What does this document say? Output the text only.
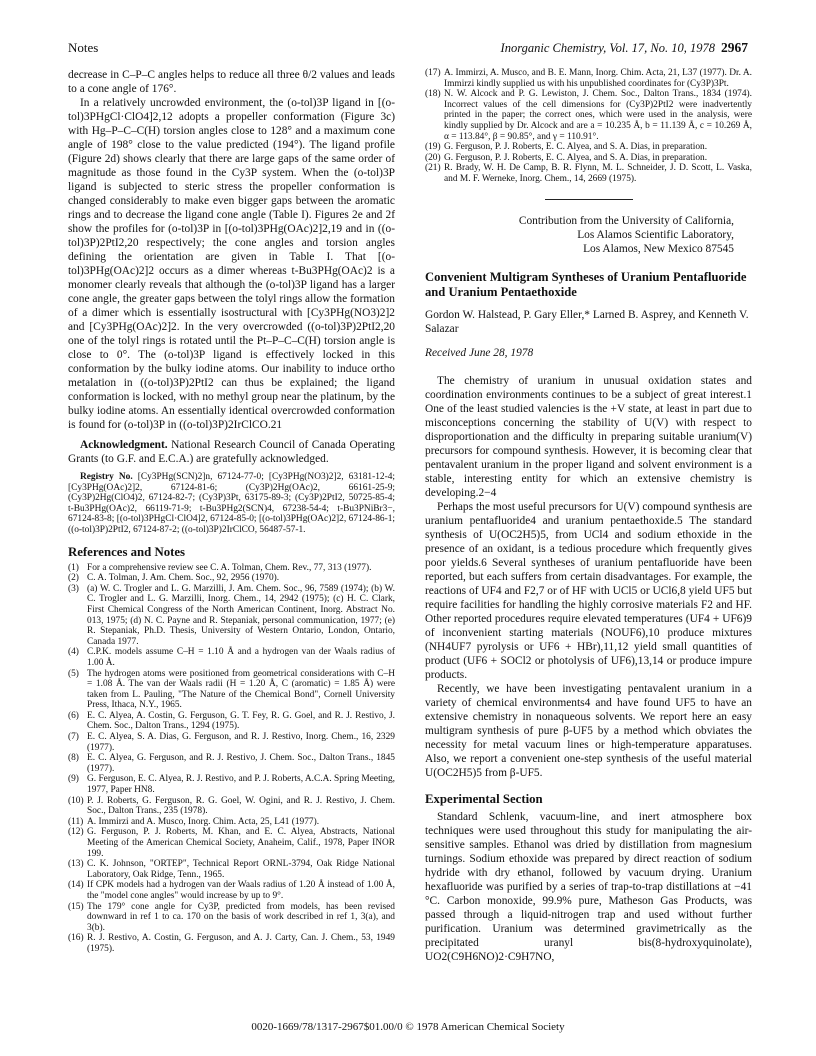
Notes	Inorganic Chemistry, Vol. 17, No. 10, 1978 2967

decrease in C–P–C angles helps to reduce all three θ/2 values and leads to a cone angle of 176°.

In a relatively uncrowded environment, the (o-tol)3P ligand in [(o-tol)3PHgCl·ClO4]2,12 adopts a propeller conformation (Figure 3c) with Hg–P–C–C(H) torsion angles close to 128° and a maximum cone angle of 198° close to the value predicted (194°). The ligand profile (Figure 2d) shows clearly that there are large gaps of the same order of magnitude as those found in the Cy3P system. When the (o-tol)3P ligand is subjected to steric stress the propeller conformation is changed considerably to make even bigger gaps between the aromatic rings and to decrease the ligand cone angle (Table I). Figures 2e and 2f show the profiles for (o-tol)3P in [(o-tol)3PHg(OAc)2]2,19 and in ((o-tol)3P)2PtI2,20 respectively; the cone angles and torsion angles defining the orientation are given in Table I. That [(o-tol)3PHg(OAc)2]2 occurs as a dimer whereas t-Bu3PHg(OAc)2 is a monomer clearly reveals that although the (o-tol)3P ligand has a larger cone angle, the greater gaps between the tolyl rings allow the formation of a dimer which is essentially isostructural with [Cy3PHg(NO3)2]2 and [Cy3PHg(OAc)2]2. In the very overcrowded ((o-tol)3P)2PtI2,20 one of the tolyl rings is rotated until the Pt–P–C–C(H) torsion angle is close to 0°. The (o-tol)3P ligand is effectively locked in this conformation by the bulky iodine atoms. Our inability to induce ortho metalation in ((o-tol)3P)2PtI2 can thus be explained; the ligand conformation is locked, with no methyl group near the platinum, by the bulky iodine atoms. An essentially identical overcrowded conformation is found for (o-tol)3P in ((o-tol)3P)2IrClCO.21

Acknowledgment. National Research Council of Canada Operating Grants (to G.F. and E.C.A.) are gratefully acknowledged.

Registry No. [Cy3PHg(SCN)2]n, 67124-77-0; [Cy3PHg(NO3)2]2, 63181-12-4; [Cy3PHg(OAc)2]2, 67124-81-6; (Cy3P)2Hg(OAc)2, 66161-25-9; (Cy3P)2Hg(ClO4)2, 67124-82-7; (Cy3P)3Pt, 63175-89-3; (Cy3P)2PtI2, 50725-85-4; t-Bu3PHg(OAc)2, 66119-71-9; t-Bu3PHg2(SCN)4, 67238-54-4; t-Bu3PNiBr3−, 67124-83-8; [(o-tol)3PHgCl·ClO4]2, 67124-85-0; [(o-tol)3PHg(OAc)2]2, 67124-86-1; ((o-tol)3P)2PtI2, 67124-87-2; ((o-tol)3P)2IrClCO, 56487-57-1.

References and Notes
(1) For a comprehensive review see C. A. Tolman, Chem. Rev., 77, 313 (1977).
(2) C. A. Tolman, J. Am. Chem. Soc., 92, 2956 (1970).
(3) (a) W. C. Trogler and L. G. Marzilli, J. Am. Chem. Soc., 96, 7589 (1974); (b) W. C. Trogler and L. G. Marzilli, Inorg. Chem., 14, 2942 (1975); (c) H. C. Clark, First Chemical Congress of the North American Continent, Inorg. Abstract No. 013, 1975; (d) N. C. Payne and R. Stepaniak, personal communication, 1977; (e) R. Stepaniak, Ph.D. Thesis, University of Western Ontario, London, Ontario, Canada 1977.
(4) C.P.K. models assume C–H = 1.10 Å and a hydrogen van der Waals radius of 1.00 Å.
(5) The hydrogen atoms were positioned from geometrical considerations with C–H = 1.08 Å. The van der Waals radii (H = 1.20 Å, C (aromatic) = 1.85 Å) were taken from L. Pauling, "The Nature of the Chemical Bond", Cornell University Press, Ithaca, N.Y., 1965.
(6) E. C. Alyea, A. Costin, G. Ferguson, G. T. Fey, R. G. Goel, and R. J. Restivo, J. Chem. Soc., Dalton Trans., 1294 (1975).
(7) E. C. Alyea, S. A. Dias, G. Ferguson, and R. J. Restivo, Inorg. Chem., 16, 2329 (1977).
(8) E. C. Alyea, G. Ferguson, and R. J. Restivo, J. Chem. Soc., Dalton Trans., 1845 (1977).
(9) G. Ferguson, E. C. Alyea, R. J. Restivo, and P. J. Roberts, A.C.A. Spring Meeting, 1977, Paper HN8.
(10) P. J. Roberts, G. Ferguson, R. G. Goel, W. Ogini, and R. J. Restivo, J. Chem. Soc., Dalton Trans., 235 (1978).
(11) A. Immirzi and A. Musco, Inorg. Chim. Acta, 25, L41 (1977).
(12) G. Ferguson, P. J. Roberts, M. Khan, and E. C. Alyea, Abstracts, National Meeting of the American Chemical Society, Anaheim, Calif., 1978, Paper INOR 199.
(13) C. K. Johnson, "ORTEP", Technical Report ORNL-3794, Oak Ridge National Laboratory, Oak Ridge, Tenn., 1965.
(14) If CPK models had a hydrogen van der Waals radius of 1.20 Å instead of 1.00 Å, the "model cone angles" would increase by up to 9°.
(15) The 179° cone angle for Cy3P, predicted from models, has been revised downward in ref 1 to ca. 170 on the basis of work described in ref 1, 3(a), and 3(b).
(16) R. J. Restivo, A. Costin, G. Ferguson, and A. J. Carty, Can. J. Chem., 53, 1949 (1975).
(17) A. Immirzi, A. Musco, and B. E. Mann, Inorg. Chim. Acta, 21, L37 (1977). Dr. A. Immirzi kindly supplied us with his unpublished coordinates for (Cy3P)3Pt.
(18) N. W. Alcock and P. G. Lewiston, J. Chem. Soc., Dalton Trans., 1834 (1974). Incorrect values of the cell dimensions for (Cy3P)2PtI2 were inadvertently printed in the paper; the correct ones, which were used in the analysis, were kindly supplied by Dr. Alcock and are a = 10.235 Å, b = 11.139 Å, c = 10.269 Å, α = 113.84°, β = 90.85°, and γ = 110.91°.
(19) G. Ferguson, P. J. Roberts, E. C. Alyea, and S. A. Dias, in preparation.
(20) G. Ferguson, P. J. Roberts, E. C. Alyea, and S. A. Dias, in preparation.
(21) R. Brady, W. H. De Camp, B. R. Flynn, M. L. Schneider, J. D. Scott, L. Vaska, and M. F. Werneke, Inorg. Chem., 14, 2669 (1975).
Contribution from the University of California,
Los Alamos Scientific Laboratory,
Los Alamos, New Mexico 87545
Convenient Multigram Syntheses of Uranium Pentafluoride and Uranium Pentaethoxide

Gordon W. Halstead, P. Gary Eller,* Larned B. Asprey, and Kenneth V. Salazar

Received June 28, 1978

The chemistry of uranium in unusual oxidation states and coordination environments continues to be a subject of great interest.1 One of the least studied valencies is the +V state, at least in part due to misconceptions concerning the stability of U(V) with respect to disproportionation and the difficulty in preparing suitable uranium(V) precursors for compound synthesis. However, it is becoming clear that pentavalent uranium in the proper ligand and solvent environment is a stable, interesting entity for which an extensive chemistry is developing.2−4

Perhaps the most useful precursors for U(V) compound synthesis are uranium pentafluoride4 and uranium pentaethoxide.5 The standard synthesis of U(OC2H5)5, from UCl4 and sodium ethoxide in the presence of an oxidant, is a tedious procedure which frequently gives poor yields.6 Several syntheses of uranium pentafluoride have been reported, but each suffers from certain disadvantages. For example, the reactions of UF4 and F2,7 or of HF with UCl5 or UCl6,8 yield UF5 but require facilities for handling the highly corrosive materials F2 and HF. Other reported procedures require elevated temperatures (UF4 + UF6)9 of inconvenient starting materials (NOUF6),10 produce mixtures (NH4UF7 pyrolysis or UF6 + HBr),11,12 yield small quantities of product (UF6 + SOCl2 or photolysis of UF6),13,14 or produce impure products.

Recently, we have been investigating pentavalent uranium in a variety of chemical environments4 and have found UF5 to have an extensive chemistry in nonaqueous solvents. We report here an easy multigram synthesis of pure β-UF5 by a method which obviates the necessity for metal vacuum lines or high-temperature apparatuses. Also, we report a convenient one-step synthesis of the useful material U(OC2H5)5 from β-UF5.

Experimental Section

Standard Schlenk, vacuum-line, and inert atmosphere box techniques were used throughout this study for manipulating the air-sensitive samples. Ethanol was dried by distillation from magnesium turnings. Sodium ethoxide was prepared by direct reaction of sodium hydride with dry ethanol, followed by vacuum drying. Uranium hexafluoride was purified by a series of trap-to-trap distillations at −41 °C. Carbon monoxide, 99.9% pure, Matheson Gas Products, was passed through a liquid-nitrogen trap and used without further purification. Uranium was determined gravimetrically as the precipitated uranyl bis(8-hydroxyquinolate), UO2(C9H6NO)2·C9H7NO,

0020-1669/78/1317-2967$01.00/0 © 1978 American Chemical Society
